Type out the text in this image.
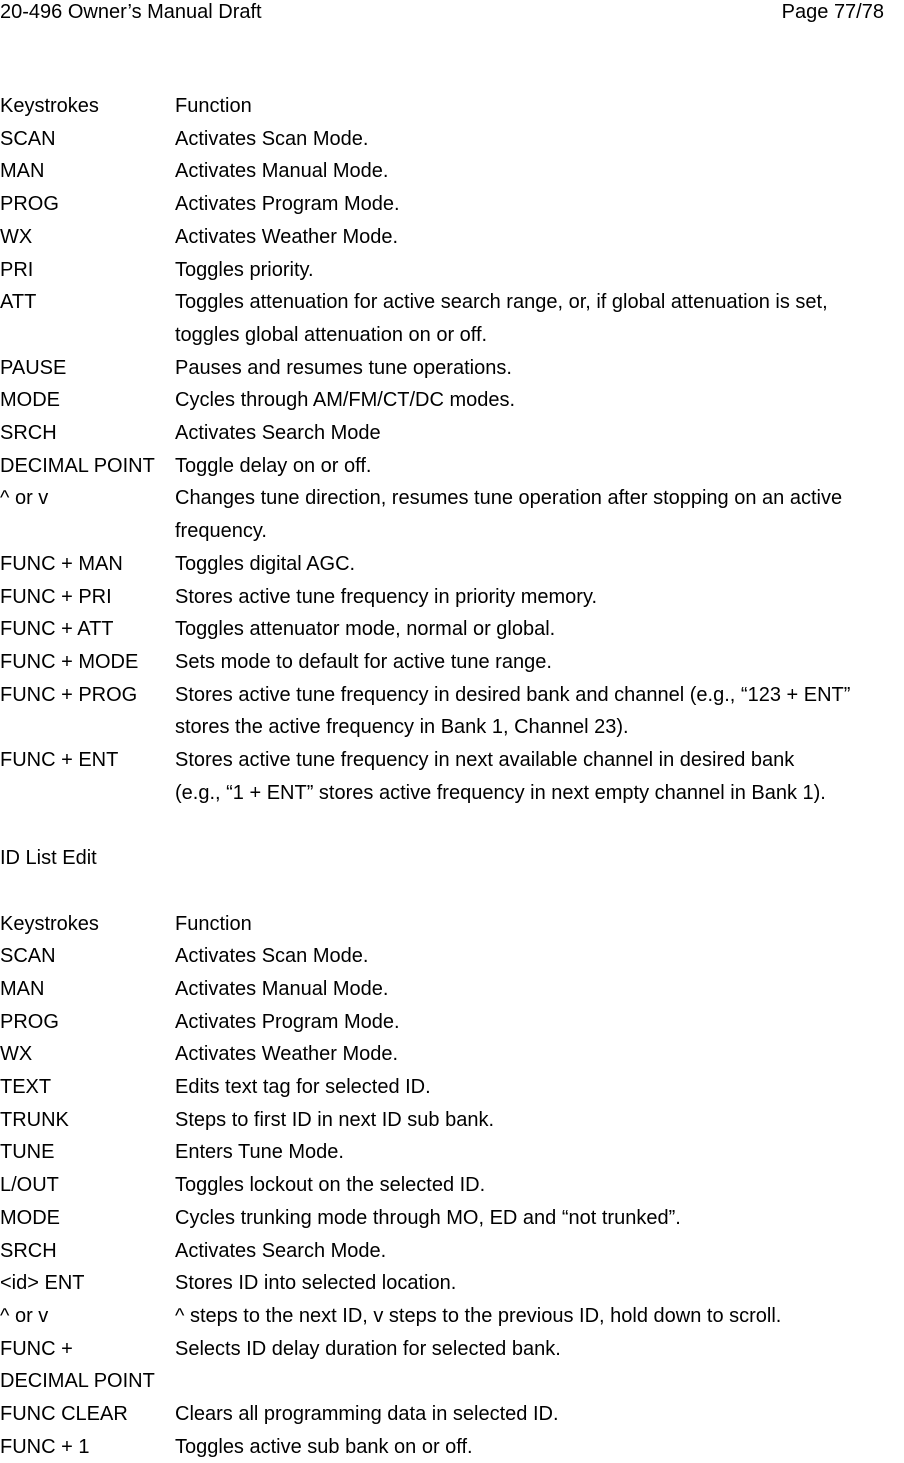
20-496 Owner’s Manual Draft	Page 77/78
Keystrokes	Function
SCAN	Activates Scan Mode.
MAN	Activates Manual Mode.
PROG	Activates Program Mode.
WX	Activates Weather Mode.
PRI	Toggles priority.
ATT	Toggles attenuation for active search range, or, if global attenuation is set,
toggles global attenuation on or off.
PAUSE	Pauses and resumes tune operations.
MODE	Cycles through AM/FM/CT/DC modes.
SRCH	Activates Search Mode
DECIMAL POINT	Toggle delay on or off.
^ or v	Changes tune direction, resumes tune operation after stopping on an active
frequency.
FUNC + MAN	Toggles digital AGC.
FUNC + PRI	Stores active tune frequency in priority memory.
FUNC + ATT	Toggles attenuator mode, normal or global.
FUNC + MODE	Sets mode to default for active tune range.
FUNC + PROG	Stores active tune frequency in desired bank and channel (e.g., “123 + ENT”
stores the active frequency in Bank 1, Channel 23).
FUNC + ENT	Stores active tune frequency in next available channel in desired bank
(e.g., “1 + ENT” stores active frequency in next empty channel in Bank 1).
ID List Edit
Keystrokes	Function
SCAN	Activates Scan Mode.
MAN	Activates Manual Mode.
PROG	Activates Program Mode.
WX	Activates Weather Mode.
TEXT	Edits text tag for selected ID.
TRUNK	Steps to first ID in next ID sub bank.
TUNE	Enters Tune Mode.
L/OUT	Toggles lockout on the selected ID.
MODE	Cycles trunking mode through MO, ED and “not trunked”.
SRCH	Activates Search Mode.
<id> ENT	Stores ID into selected location.
^ or v	^ steps to the next ID, v steps to the previous ID, hold down to scroll.
FUNC +	Selects ID delay duration for selected bank.
DECIMAL POINT
FUNC CLEAR	Clears all programming data in selected ID.
FUNC + 1	Toggles active sub bank on or off.
